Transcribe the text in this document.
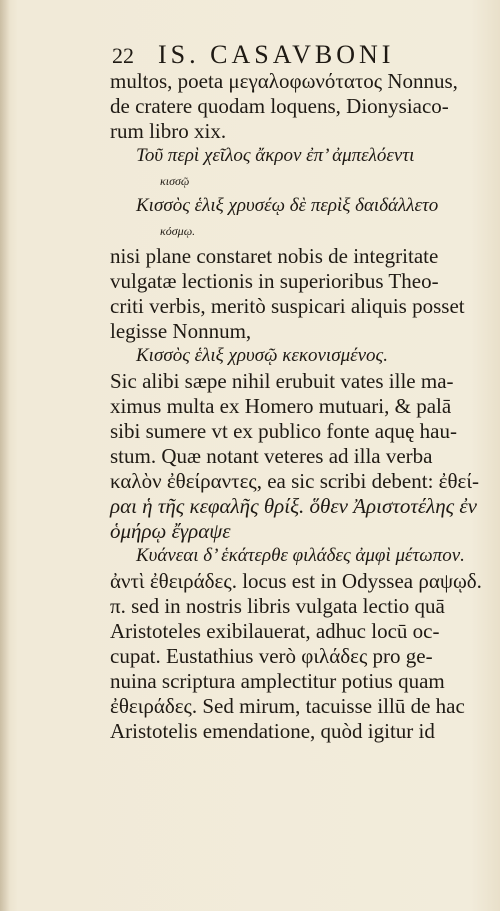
22 IS. CASAVBONI
multos, poeta μεγαλοφωνότατος Nonnus,
de cratere quodam loquens, Dionysiaco-
rum libro xix.
Τοῦ περὶ χεῖλος ἄκρον ἐπ’ ἀμπελόεντι
κισσῷ
Κισσὸς ἑλιξ χρυσέῳ δὲ περὶξ δαιδάλλετο
κόσμῳ.
nisi plane constaret nobis de integritate
vulgatæ lectionis in superioribus Theo-
criti verbis, meritò suspicari aliquis posset
legisse Nonnum,
Κισσὸς ἑλιξ χρυσῷ κεκονισμένος.
Sic alibi sæpe nihil erubuit vates ille ma-
ximus multa ex Homero mutuari, & palā
sibi sumere vt ex publico fonte aquę hau-
stum. Quæ notant veteres ad illa verba
καλὸν ἐθείραντες, ea sic scribi debent: ἐθεί-
ραι ἡ τῆς κεφαλῆς θρίξ. ὅθεν Ἀριστοτέλης ἐν
ὁμήρῳ ἔγραψε
Κυάνεαι δ’ ἑκάτερθε φιλάδες ἀμφὶ μέτωπον.
ἀντὶ ἐθειράδες. locus est in Odyssea ραψῳδ.
π. sed in nostris libris vulgata lectio quā
Aristoteles exibilauerat, adhuc locū oc-
cupat. Eustathius verò φιλάδες pro ge-
nuina scriptura amplectitur potius quam
ἐθειράδες. Sed mirum, tacuisse illū de hac
Aristotelis emendatione, quòd igitur id
